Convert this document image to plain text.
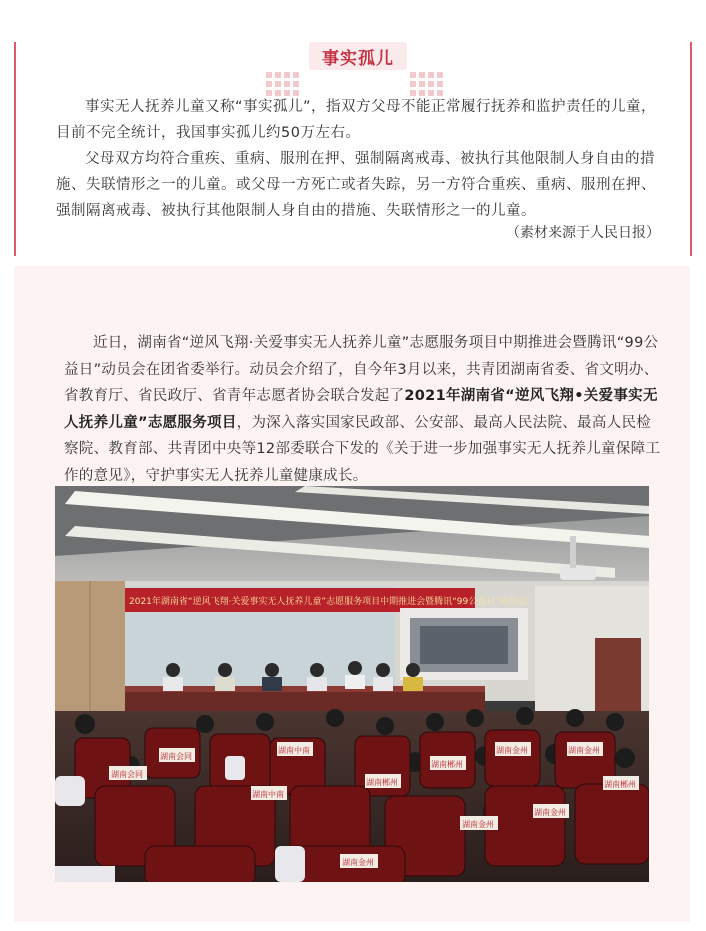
事实孤儿

事实无人抚养儿童又称“事实孤儿”，指双方父母不能正常履行抚养和监护责任的儿童，目前不完全统计，我国事实孤儿约50万左右。

父母双方均符合重疾、重病、服刑在押、强制隔离戒毒、被执行其他限制人身自由的措施、失联情形之一的儿童。或父母一方死亡或者失踪，另一方符合重疾、重病、服刑在押、强制隔离戒毒、被执行其他限制人身自由的措施、失联情形之一的儿童。

（素材来源于人民日报）

近日，湖南省“逆风飞翔·关爱事实无人抚养儿童”志愿服务项目中期推进会暨腾讯“99公益日”动员会在团省委举行。动员会介绍了，自今年3月以来，共青团湖南省委、省文明办、省教育厅、省民政厅、省青年志愿者协会联合发起了2021年湖南省“逆风飞翔•关爱事实无人抚养儿童”志愿服务项目，为深入落实国家民政部、公安部、最高人民法院、最高人民检察院、教育部、共青团中央等12部委联合下发的《关于进一步加强事实无人抚养儿童保障工作的意见》，守护事实无人抚养儿童健康成长。

2021年湖南省“逆风飞翔·关爱事实无人抚养儿童”志愿服务项目中期推进会暨腾讯“99公益日”动员会
湖南会同
湖南会同
湖南中南
湖南中南
湖南金州
湖南郴州
湖南郴州
湖南金州
湖南金州
湖南金州
湖南金州
湖南郴州
